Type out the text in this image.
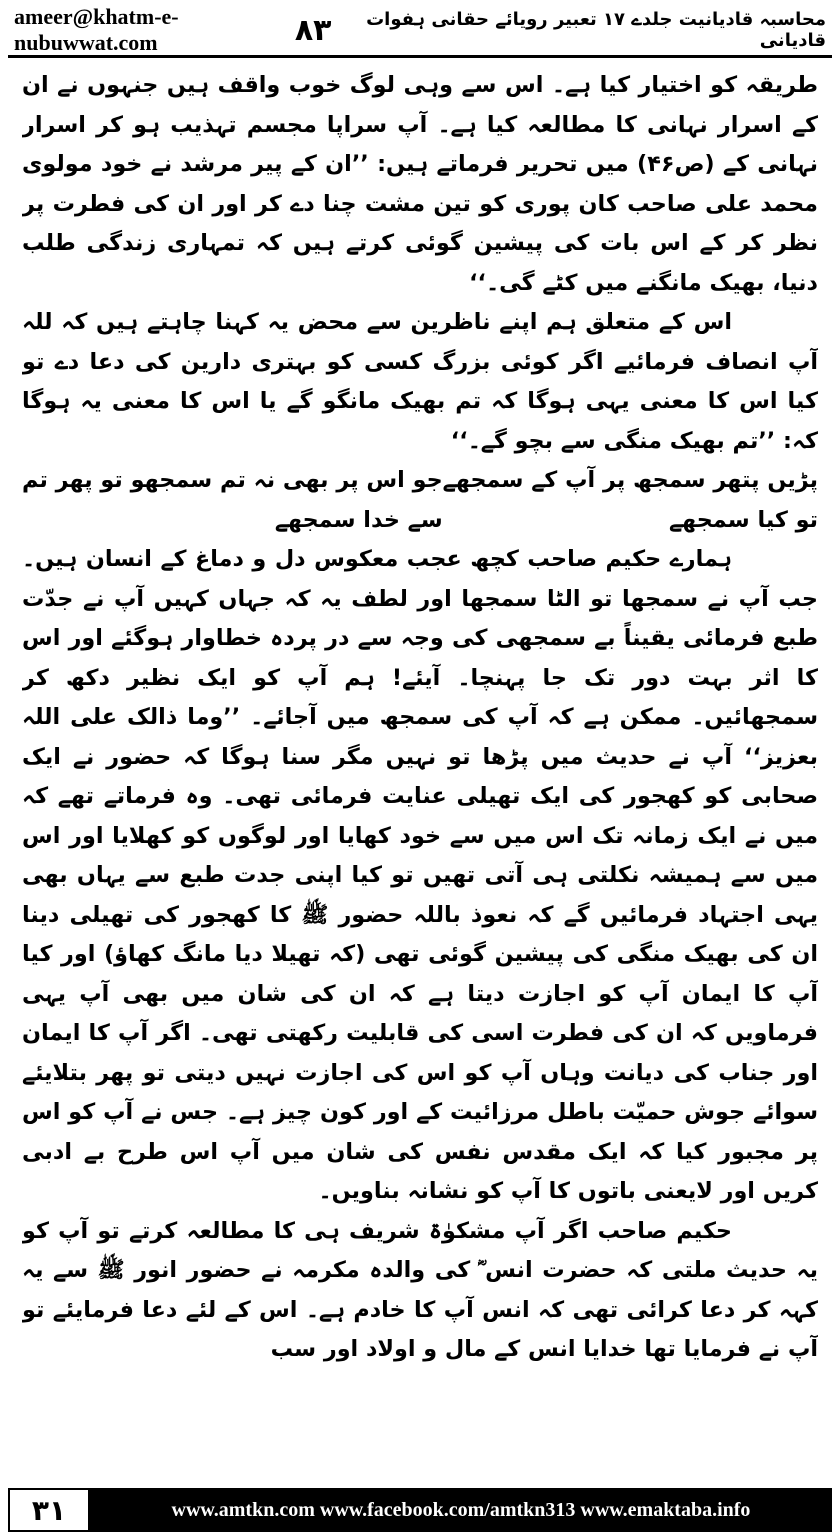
ameer@khatm-e-nubuwwat.com
محاسبہ قادیانیت جلدے ۱۷ تعبیر رویائے حقانی ہفوات قادیانی
۸۳

طریقہ کو اختیار کیا ہے۔ اس سے وہی لوگ خوب واقف ہیں جنہوں نے ان کے اسرار نہانی کا مطالعہ کیا ہے۔ آپ سراپا مجسم تہذیب ہو کر اسرار نہانی کے (ص۴۶) میں تحریر فرماتے ہیں: ’’ان کے پیر مرشد نے خود مولوی محمد علی صاحب کان پوری کو تین مشت چنا دے کر اور ان کی فطرت پر نظر کر کے اس بات کی پیشین گوئی کرتے ہیں کہ تمہاری زندگی طلب دنیا، بھیک مانگنے میں کٹے گی۔‘‘

اس کے متعلق ہم اپنے ناظرین سے محض یہ کہنا چاہتے ہیں کہ للہ آپ انصاف فرمائیے اگر کوئی بزرگ کسی کو بہتری دارین کی دعا دے تو کیا اس کا معنی یہی ہوگا کہ تم بھیک مانگو گے یا اس کا معنی یہ ہوگا کہ: ’’تم بھیک منگی سے بچو گے۔‘‘

پڑیں پتھر سمجھ پر آپ کے سمجھے تو کیا سمجھے
جو اس پر بھی نہ تم سمجھو تو پھر تم سے خدا سمجھے

ہمارے حکیم صاحب کچھ عجب معکوس دل و دماغ کے انسان ہیں۔ جب آپ نے سمجھا تو الٹا سمجھا اور لطف یہ کہ جہاں کہیں آپ نے جدّت طبع فرمائی یقیناً بے سمجھی کی وجہ سے در پردہ خطاوار ہوگئے اور اس کا اثر بہت دور تک جا پہنچا۔ آیئے! ہم آپ کو ایک نظیر دکھ کر سمجھائیں۔ ممکن ہے کہ آپ کی سمجھ میں آجائے۔ ’’وما ذالک علی اللہ بعزیز‘‘ آپ نے حدیث میں پڑھا تو نہیں مگر سنا ہوگا کہ حضور نے ایک صحابی کو کھجور کی ایک تھیلی عنایت فرمائی تھی۔ وہ فرماتے تھے کہ میں نے ایک زمانہ تک اس میں سے خود کھایا اور لوگوں کو کھلایا اور اس میں سے ہمیشہ نکلتی ہی آتی تھیں تو کیا اپنی جدت طبع سے یہاں بھی یہی اجتہاد فرمائیں گے کہ نعوذ باللہ حضور ﷺ کا کھجور کی تھیلی دینا ان کی بھیک منگی کی پیشین گوئی تھی (کہ تھیلا دیا مانگ کھاؤ) اور کیا آپ کا ایمان آپ کو اجازت دیتا ہے کہ ان کی شان میں بھی آپ یہی فرماویں کہ ان کی فطرت اسی کی قابلیت رکھتی تھی۔ اگر آپ کا ایمان اور جناب کی دیانت وہاں آپ کو اس کی اجازت نہیں دیتی تو پھر بتلایئے سوائے جوش حمیّت باطل مرزائیت کے اور کون چیز ہے۔ جس نے آپ کو اس پر مجبور کیا کہ ایک مقدس نفس کی شان میں آپ اس طرح بے ادبی کریں اور لایعنی باتوں کا آپ کو نشانہ بناویں۔

حکیم صاحب اگر آپ مشکوٰۃ شریف ہی کا مطالعہ کرتے تو آپ کو یہ حدیث ملتی کہ حضرت انس ؓ کی والدہ مکرمہ نے حضور انور ﷺ سے یہ کہہ کر دعا کرائی تھی کہ انس آپ کا خادم ہے۔ اس کے لئے دعا فرمایئے تو آپ نے فرمایا تھا خدایا انس کے مال و اولاد اور سب

۳۱	www.amtkn.com www.facebook.com/amtkn313 www.emaktaba.info
